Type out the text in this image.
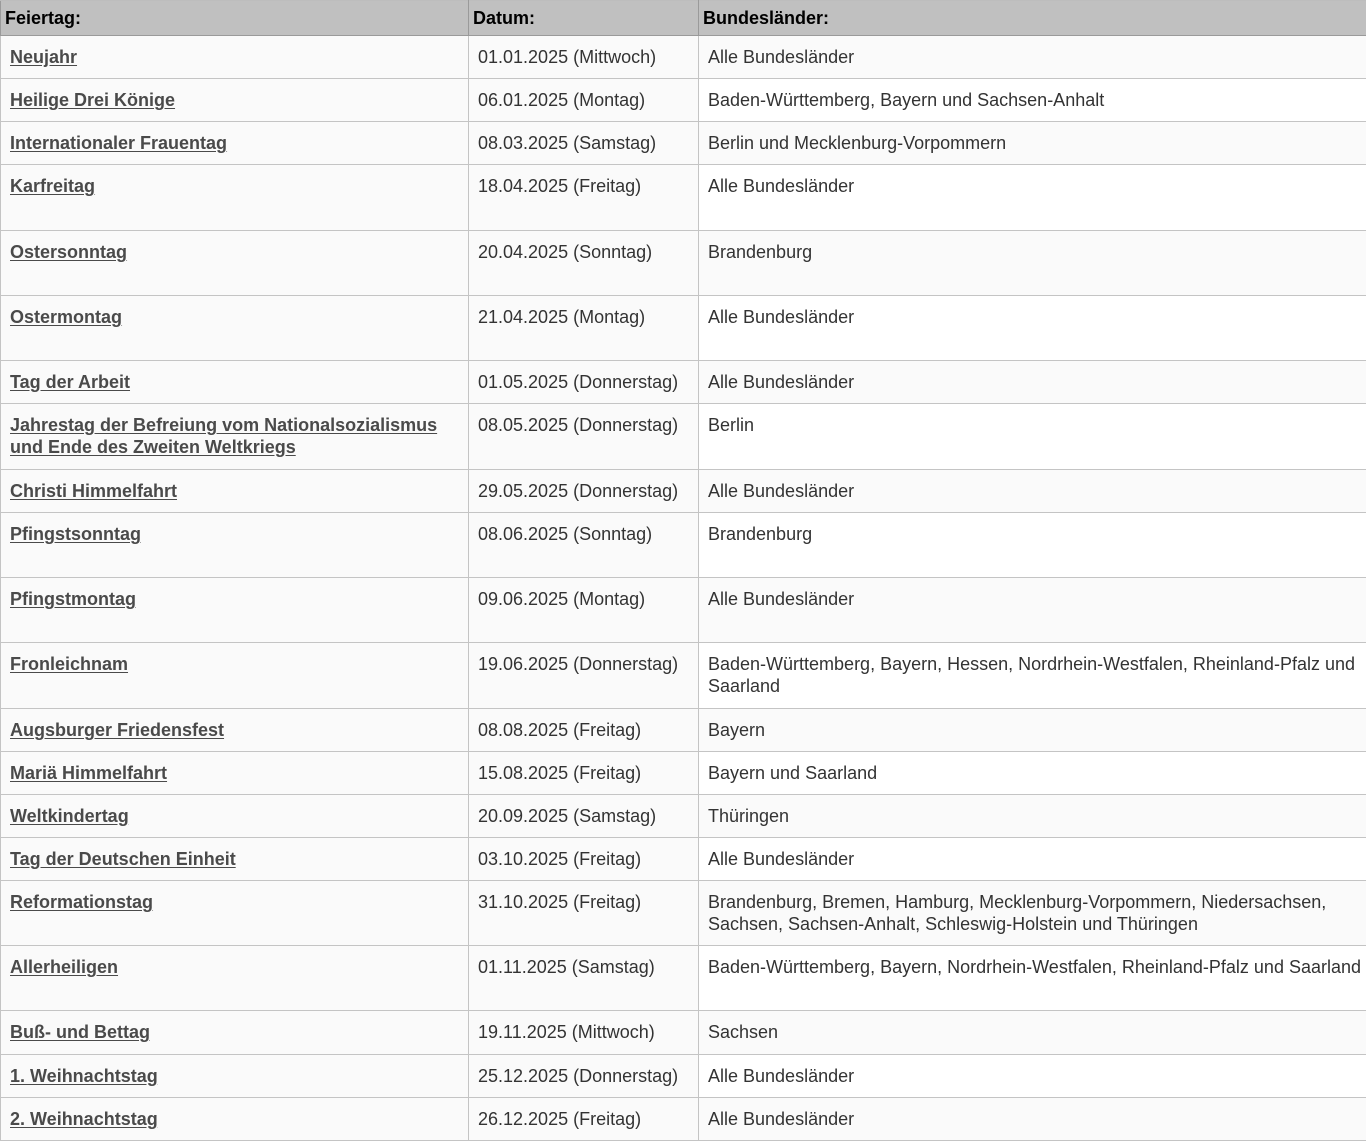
Feiertag:	Datum:	Bundesländer:
Neujahr	01.01.2025 (Mittwoch)	Alle Bundesländer
Heilige Drei Könige	06.01.2025 (Montag)	Baden-Württemberg, Bayern und Sachsen-Anhalt
Internationaler Frauentag	08.03.2025 (Samstag)	Berlin und Mecklenburg-Vorpommern
Karfreitag	18.04.2025 (Freitag)	Alle Bundesländer
Ostersonntag	20.04.2025 (Sonntag)	Brandenburg
Ostermontag	21.04.2025 (Montag)	Alle Bundesländer
Tag der Arbeit	01.05.2025 (Donnerstag)	Alle Bundesländer
Jahrestag der Befreiung vom Nationalsozialismus und Ende des Zweiten Weltkriegs	08.05.2025 (Donnerstag)	Berlin
Christi Himmelfahrt	29.05.2025 (Donnerstag)	Alle Bundesländer
Pfingstsonntag	08.06.2025 (Sonntag)	Brandenburg
Pfingstmontag	09.06.2025 (Montag)	Alle Bundesländer
Fronleichnam	19.06.2025 (Donnerstag)	Baden-Württemberg, Bayern, Hessen, Nordrhein-Westfalen, Rheinland-Pfalz und Saarland
Augsburger Friedensfest	08.08.2025 (Freitag)	Bayern
Mariä Himmelfahrt	15.08.2025 (Freitag)	Bayern und Saarland
Weltkindertag	20.09.2025 (Samstag)	Thüringen
Tag der Deutschen Einheit	03.10.2025 (Freitag)	Alle Bundesländer
Reformationstag	31.10.2025 (Freitag)	Brandenburg, Bremen, Hamburg, Mecklenburg-Vorpommern, Niedersachsen, Sachsen, Sachsen-Anhalt, Schleswig-Holstein und Thüringen
Allerheiligen	01.11.2025 (Samstag)	Baden-Württemberg, Bayern, Nordrhein-Westfalen, Rheinland-Pfalz und Saarland
Buß- und Bettag	19.11.2025 (Mittwoch)	Sachsen
1. Weihnachtstag	25.12.2025 (Donnerstag)	Alle Bundesländer
2. Weihnachtstag	26.12.2025 (Freitag)	Alle Bundesländer
